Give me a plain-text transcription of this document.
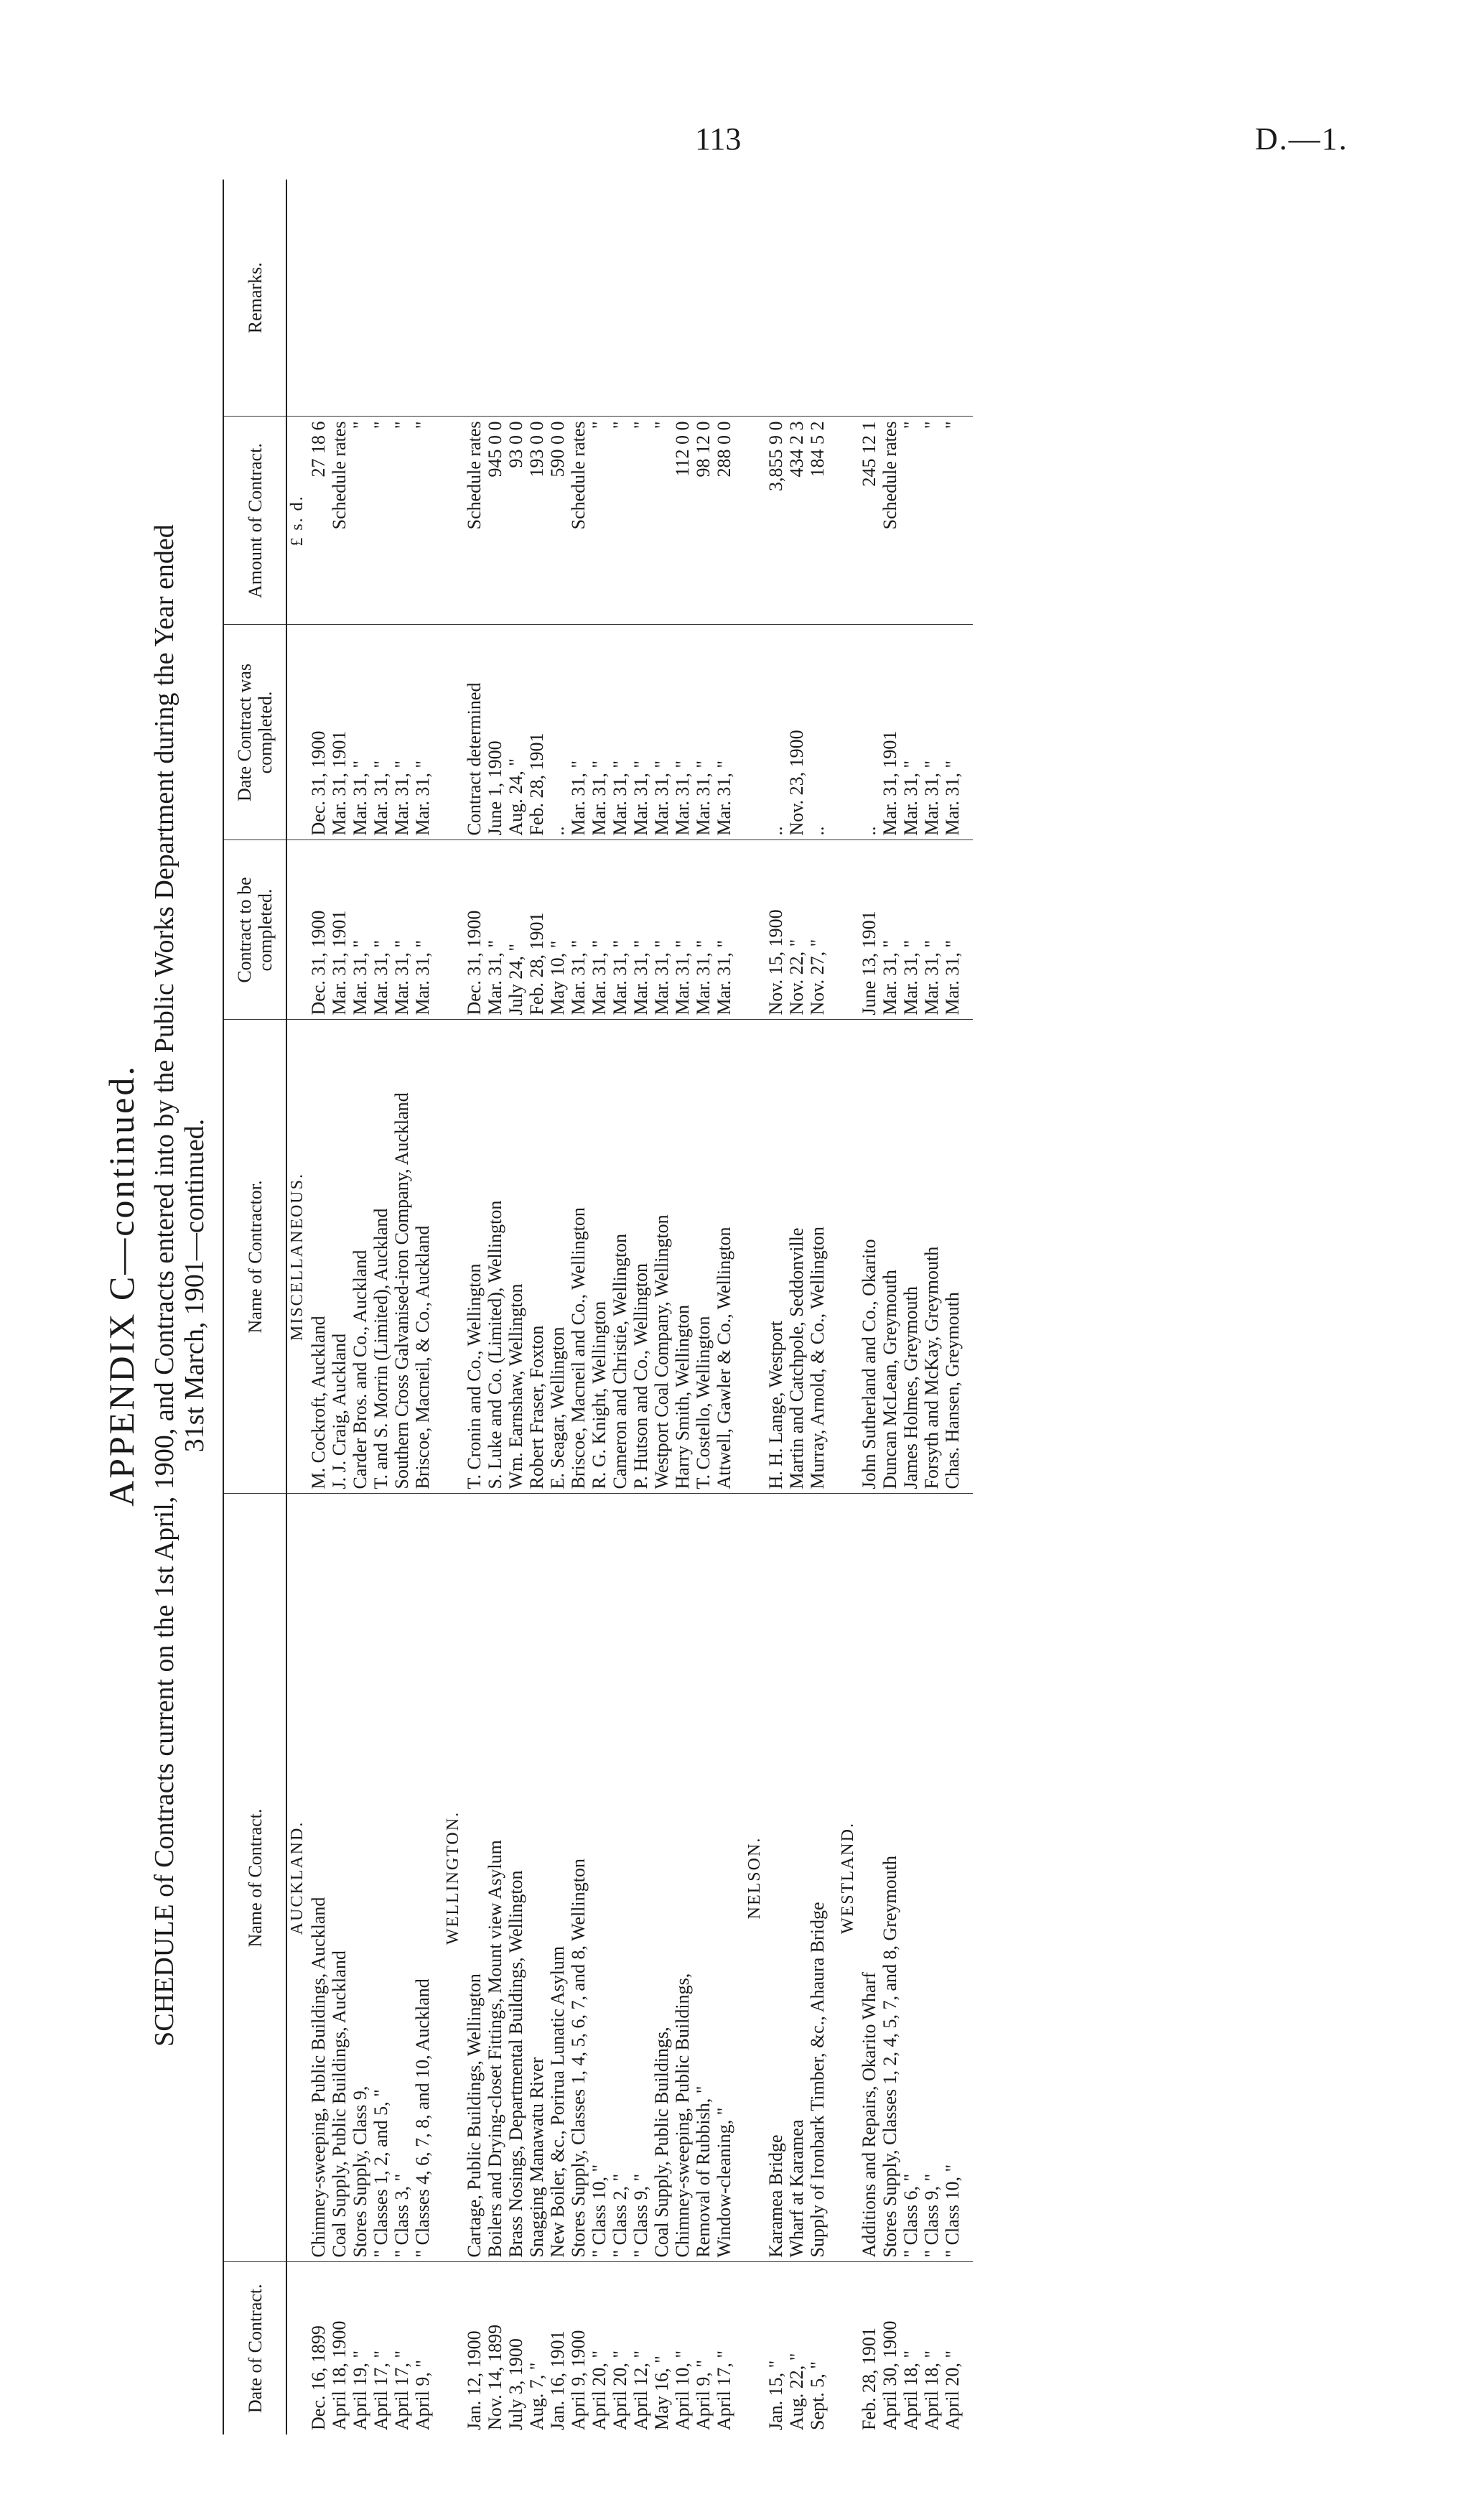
113	D.—1.
APPENDIX C—continued. SCHEDULE of Contracts current on the 1st April, 1900, and Contracts entered into by the Public Works Department during the Year ended 31st March, 1901—continued.
Date of Contract.	Name of Contract.	Name of Contractor.	Contract to be completed.	Date Contract was completed.	Amount of Contract.	Remarks.
	AUCKLAND.	MISCELLANEOUS.			£ s. d.	
Dec. 16, 1899	Chimney-sweeping, Public Buildings, Auckland	M. Cockroft, Auckland	Dec. 31, 1900	Dec. 31, 1900	27 18 6	
April 18, 1900	Coal Supply, Public Buildings, Auckland	J. J. Craig, Auckland	Mar. 31, 1901	Mar. 31, 1901	Schedule rates	
April 19, "	Stores Supply, Class 9,	Carder Bros. and Co., Auckland	Mar. 31, "	Mar. 31, "	"	
April 17, "	" Classes 1, 2, and 5, "	T. and S. Morrin (Limited), Auckland	Mar. 31, "	Mar. 31, "	"	
April 17, "	" Class 3, "	Southern Cross Galvanised-iron Company, Auckland	Mar. 31, "	Mar. 31, "	"	
April 9, "	" Classes 4, 6, 7, 8, and 10, Auckland	Briscoe, Macneil, & Co., Auckland	Mar. 31, "	Mar. 31, "	"	

	WELLINGTON.					
Jan. 12, 1900	Cartage, Public Buildings, Wellington	T. Cronin and Co., Wellington	Dec. 31, 1900	Contract determined	Schedule rates	
Nov. 14, 1899	Boilers and Drying-closet Fittings, Mount view Asylum	S. Luke and Co. (Limited), Wellington	Mar. 31, "	June 1, 1900	945 0 0	
July 3, 1900	Brass Nosings, Departmental Buildings, Wellington	Wm. Earnshaw, Wellington	July 24, "	Aug. 24, "	93 0 0	
Aug. 7, "	Snagging Manawatu River	Robert Fraser, Foxton	Feb. 28, 1901	Feb. 28, 1901	193 0 0	
Jan. 16, 1901	New Boiler, &c., Porirua Lunatic Asylum	E. Seagar, Wellington	May 10, "	..	590 0 0	
April 9, 1900	Stores Supply, Classes 1, 4, 5, 6, 7, and 8, Wellington	Briscoe, Macneil and Co., Wellington	Mar. 31, "	Mar. 31, "	Schedule rates	
April 20, "	" Class 10, "	R. G. Knight, Wellington	Mar. 31, "	Mar. 31, "	"	
April 20, "	" Class 2, "	Cameron and Christie, Wellington	Mar. 31, "	Mar. 31, "	"	
April 12, "	" Class 9, "	P. Hutson and Co., Wellington	Mar. 31, "	Mar. 31, "	"	
May 16, "	Coal Supply, Public Buildings,	Westport Coal Company, Wellington	Mar. 31, "	Mar. 31, "	"	
April 10, "	Chimney-sweeping, Public Buildings,	Harry Smith, Wellington	Mar. 31, "	Mar. 31, "	112 0 0	
April 9, "	Removal of Rubbish, "	T. Costello, Wellington	Mar. 31, "	Mar. 31, "	98 12 0	
April 17, "	Window-cleaning, "	Attwell, Gawler & Co., Wellington	Mar. 31, "	Mar. 31, "	288 0 0	

	NELSON.					
Jan. 15, "	Karamea Bridge	H. H. Lange, Westport	Nov. 15, 1900	..	3,855 9 0	
Aug. 22, "	Wharf at Karamea	Martin and Catchpole, Seddonville	Nov. 22, "	Nov. 23, 1900	434 2 3	
Sept. 5, "	Supply of Ironbark Timber, &c., Ahaura Bridge	Murray, Arnold, & Co., Wellington	Nov. 27, "	..	184 5 2	

	WESTLAND.					
Feb. 28, 1901	Additions and Repairs, Okarito Wharf	John Sutherland and Co., Okarito	June 13, 1901	..	245 12 1	
April 30, 1900	Stores Supply, Classes 1, 2, 4, 5, 7, and 8, Greymouth	Duncan McLean, Greymouth	Mar. 31, "	Mar. 31, 1901	Schedule rates	
April 18, "	" Class 6, "	James Holmes, Greymouth	Mar. 31, "	Mar. 31, "	"	
April 18, "	" Class 9, "	Forsyth and McKay, Greymouth	Mar. 31, "	Mar. 31, "	"	
April 20, "	" Class 10, "	Chas. Hansen, Greymouth	Mar. 31, "	Mar. 31, "	"	
